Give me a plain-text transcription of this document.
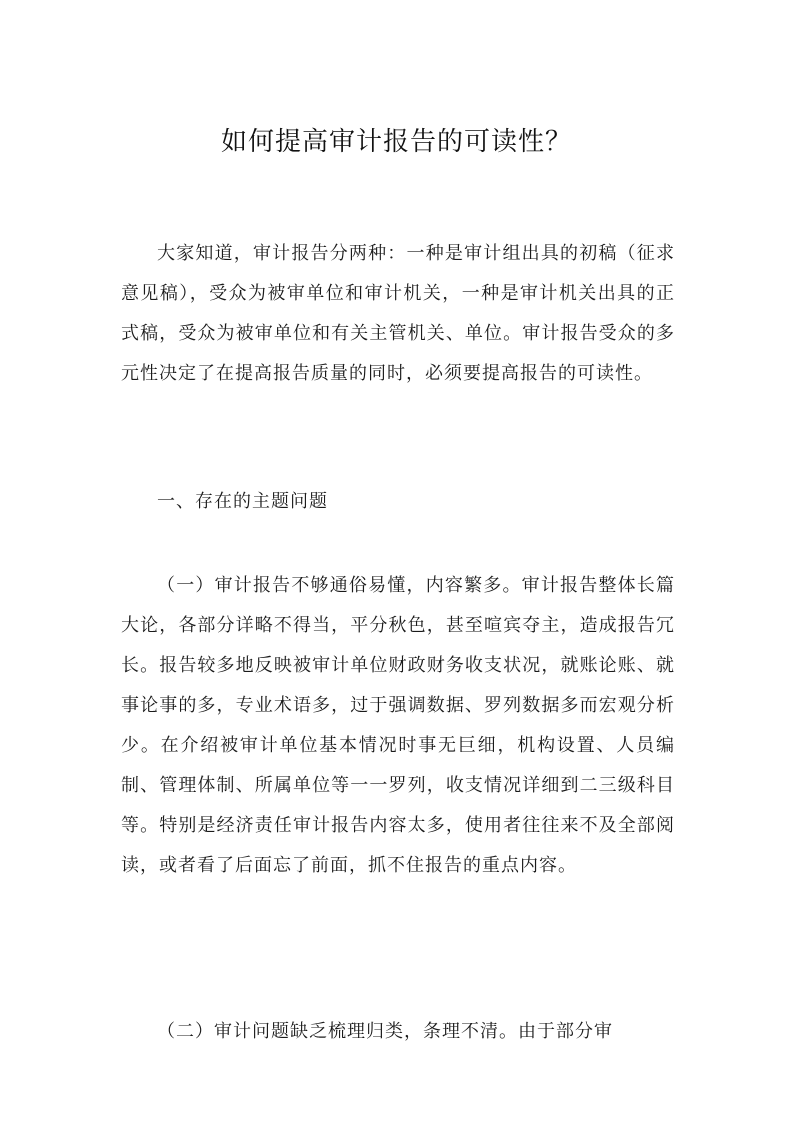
如何提高审计报告的可读性？

大家知道，审计报告分两种：一种是审计组出具的初稿（征求意见稿），受众为被审单位和审计机关，一种是审计机关出具的正式稿，受众为被审单位和有关主管机关、单位。审计报告受众的多元性决定了在提高报告质量的同时，必须要提高报告的可读性。

一、存在的主题问题

（一）审计报告不够通俗易懂，内容繁多。审计报告整体长篇大论，各部分详略不得当，平分秋色，甚至喧宾夺主，造成报告冗长。报告较多地反映被审计单位财政财务收支状况，就账论账、就事论事的多，专业术语多，过于强调数据、罗列数据多而宏观分析少。在介绍被审计单位基本情况时事无巨细，机构设置、人员编制、管理体制、所属单位等一一罗列，收支情况详细到二三级科目等。特别是经济责任审计报告内容太多，使用者往往来不及全部阅读，或者看了后面忘了前面，抓不住报告的重点内容。

（二）审计问题缺乏梳理归类，条理不清。由于部分审
